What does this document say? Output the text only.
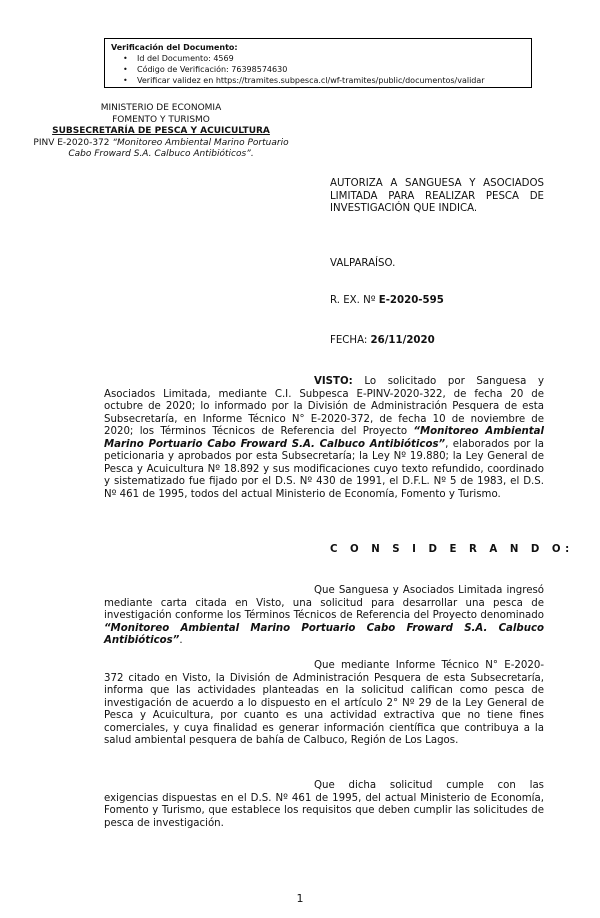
Verificación del Documento:
• Id del Documento: 4569
• Código de Verificación: 76398574630
• Verificar validez en https://tramites.subpesca.cl/wf-tramites/public/documentos/validar
MINISTERIO DE ECONOMIA
FOMENTO Y TURISMO
SUBSECRETARÍA DE PESCA Y ACUICULTURA
PINV E-2020-372 “Monitoreo Ambiental Marino Portuario Cabo Froward S.A. Calbuco Antibióticos”.
AUTORIZA A SANGUESA Y ASOCIADOS LIMITADA PARA REALIZAR PESCA DE INVESTIGACIÓN QUE INDICA.
VALPARAÍSO.
R. EX. Nº E-2020-595
FECHA: 26/11/2020
VISTO: Lo solicitado por Sanguesa y Asociados Limitada, mediante C.I. Subpesca E-PINV-2020-322, de fecha 20 de octubre de 2020; lo informado por la División de Administración Pesquera de esta Subsecretaría, en Informe Técnico N° E-2020-372, de fecha 10 de noviembre de 2020; los Términos Técnicos de Referencia del Proyecto “Monitoreo Ambiental Marino Portuario Cabo Froward S.A. Calbuco Antibióticos”, elaborados por la peticionaria y aprobados por esta Subsecretaría; la Ley Nº 19.880; la Ley General de Pesca y Acuicultura Nº 18.892 y sus modificaciones cuyo texto refundido, coordinado y sistematizado fue fijado por el D.S. Nº 430 de 1991, el D.F.L. Nº 5 de 1983, el D.S. Nº 461 de 1995, todos del actual Ministerio de Economía, Fomento y Turismo.
C O N S I D E R A N D O:
Que Sanguesa y Asociados Limitada ingresó mediante carta citada en Visto, una solicitud para desarrollar una pesca de investigación conforme los Términos Técnicos de Referencia del Proyecto denominado “Monitoreo Ambiental Marino Portuario Cabo Froward S.A. Calbuco Antibióticos”.
Que mediante Informe Técnico N° E-2020-372 citado en Visto, la División de Administración Pesquera de esta Subsecretaría, informa que las actividades planteadas en la solicitud califican como pesca de investigación de acuerdo a lo dispuesto en el artículo 2° Nº 29 de la Ley General de Pesca y Acuicultura, por cuanto es una actividad extractiva que no tiene fines comerciales, y cuya finalidad es generar información científica que contribuya a la salud ambiental pesquera de bahía de Calbuco, Región de Los Lagos.
Que dicha solicitud cumple con las exigencias dispuestas en el D.S. Nº 461 de 1995, del actual Ministerio de Economía, Fomento y Turismo, que establece los requisitos que deben cumplir las solicitudes de pesca de investigación.
1
